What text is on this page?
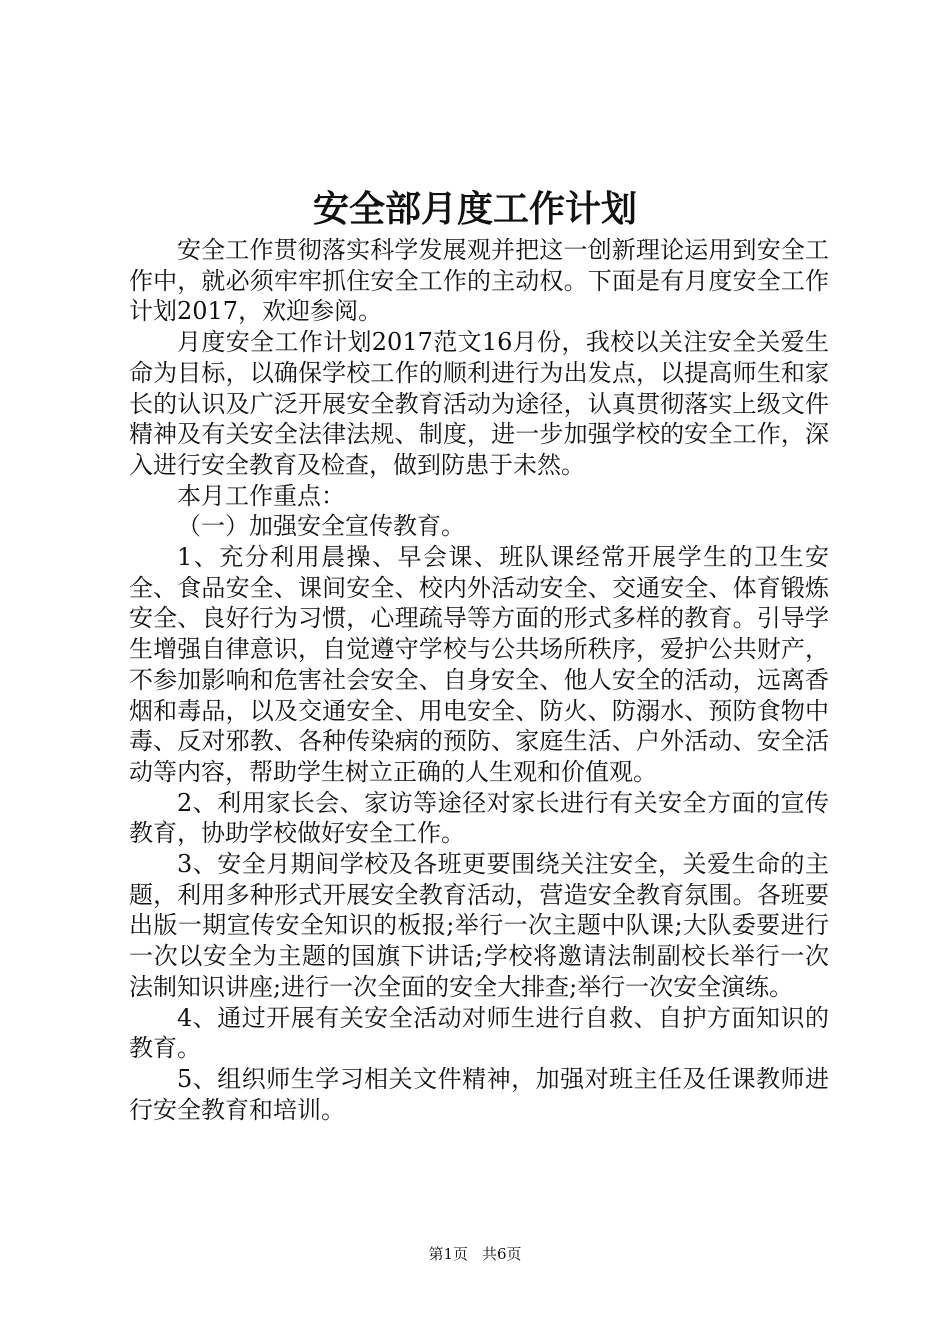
安全部月度工作计划

安全工作贯彻落实科学发展观并把这一创新理论运用到安全工作中，就必须牢牢抓住安全工作的主动权。下面是有月度安全工作计划2017，欢迎参阅。

月度安全工作计划2017范文16月份，我校以关注安全关爱生命为目标，以确保学校工作的顺利进行为出发点，以提高师生和家长的认识及广泛开展安全教育活动为途径，认真贯彻落实上级文件精神及有关安全法律法规、制度，进一步加强学校的安全工作，深入进行安全教育及检查，做到防患于未然。

本月工作重点：

（一）加强安全宣传教育。

1、充分利用晨操、早会课、班队课经常开展学生的卫生安全、食品安全、课间安全、校内外活动安全、交通安全、体育锻炼安全、良好行为习惯，心理疏导等方面的形式多样的教育。引导学生增强自律意识，自觉遵守学校与公共场所秩序，爱护公共财产，不参加影响和危害社会安全、自身安全、他人安全的活动，远离香烟和毒品，以及交通安全、用电安全、防火、防溺水、预防食物中毒、反对邪教、各种传染病的预防、家庭生活、户外活动、安全活动等内容，帮助学生树立正确的人生观和价值观。

2、利用家长会、家访等途径对家长进行有关安全方面的宣传教育，协助学校做好安全工作。

3、安全月期间学校及各班更要围绕关注安全，关爱生命的主题，利用多种形式开展安全教育活动，营造安全教育氛围。各班要出版一期宣传安全知识的板报;举行一次主题中队课;大队委要进行一次以安全为主题的国旗下讲话;学校将邀请法制副校长举行一次法制知识讲座;进行一次全面的安全大排查;举行一次安全演练。

4、通过开展有关安全活动对师生进行自救、自护方面知识的教育。

5、组织师生学习相关文件精神，加强对班主任及任课教师进行安全教育和培训。

第1页 共6页
